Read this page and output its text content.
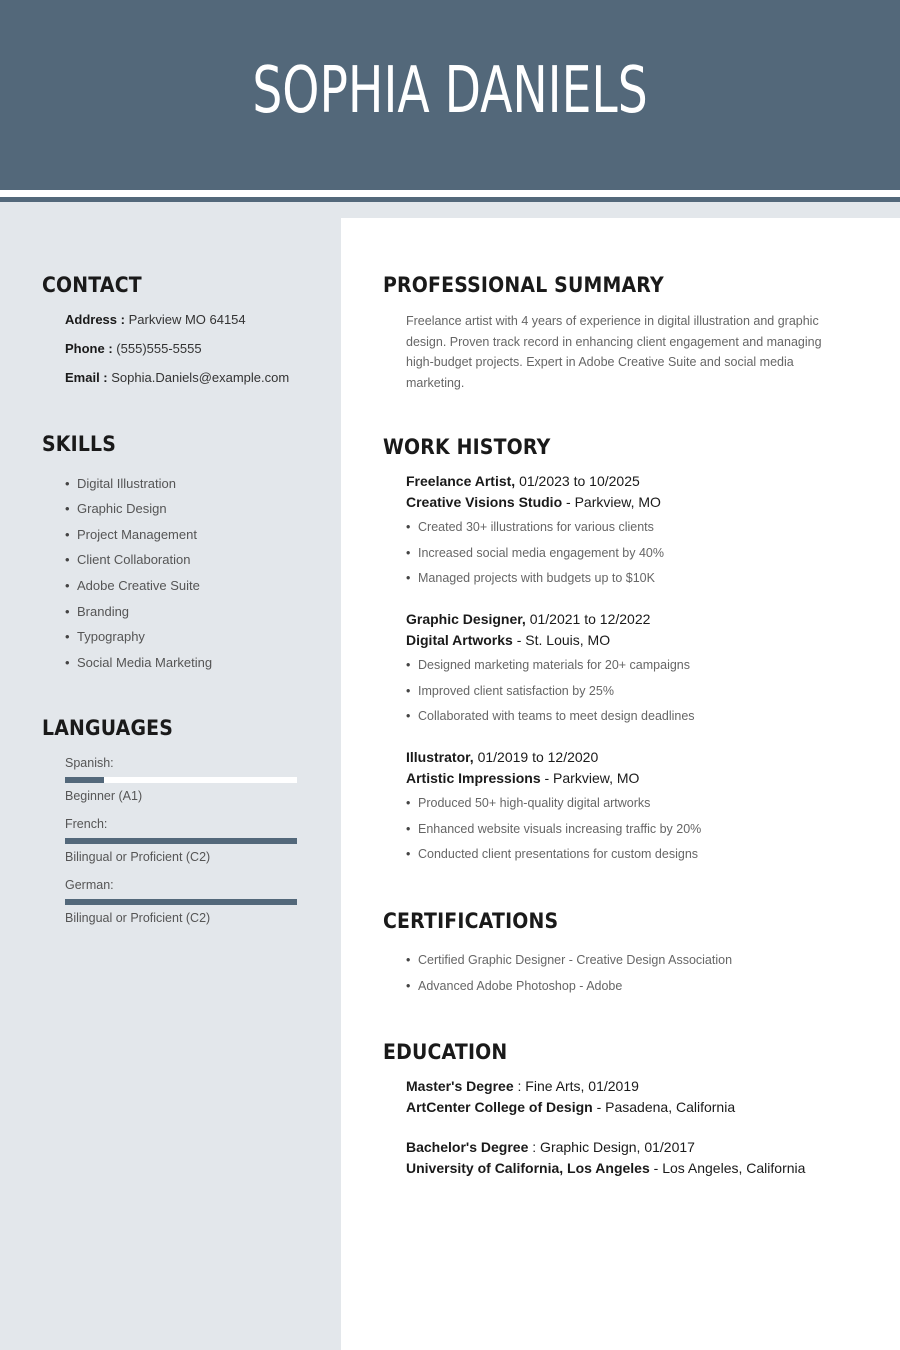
SOPHIA DANIELS
CONTACT
Address : Parkview MO 64154
Phone : (555)555-5555
Email : Sophia.Daniels@example.com
SKILLS
• Digital Illustration
• Graphic Design
• Project Management
• Client Collaboration
• Adobe Creative Suite
• Branding
• Typography
• Social Media Marketing
LANGUAGES
Spanish:
Beginner (A1)
French:
Bilingual or Proficient (C2)
German:
Bilingual or Proficient (C2)
PROFESSIONAL SUMMARY
Freelance artist with 4 years of experience in digital illustration and graphic design. Proven track record in enhancing client engagement and managing high-budget projects. Expert in Adobe Creative Suite and social media marketing.
WORK HISTORY
Freelance Artist, 01/2023 to 10/2025
Creative Visions Studio - Parkview, MO
• Created 30+ illustrations for various clients
• Increased social media engagement by 40%
• Managed projects with budgets up to $10K
Graphic Designer, 01/2021 to 12/2022
Digital Artworks - St. Louis, MO
• Designed marketing materials for 20+ campaigns
• Improved client satisfaction by 25%
• Collaborated with teams to meet design deadlines
Illustrator, 01/2019 to 12/2020
Artistic Impressions - Parkview, MO
• Produced 50+ high-quality digital artworks
• Enhanced website visuals increasing traffic by 20%
• Conducted client presentations for custom designs
CERTIFICATIONS
• Certified Graphic Designer - Creative Design Association
• Advanced Adobe Photoshop - Adobe
EDUCATION
Master's Degree : Fine Arts, 01/2019
ArtCenter College of Design - Pasadena, California
Bachelor's Degree : Graphic Design, 01/2017
University of California, Los Angeles - Los Angeles, California
